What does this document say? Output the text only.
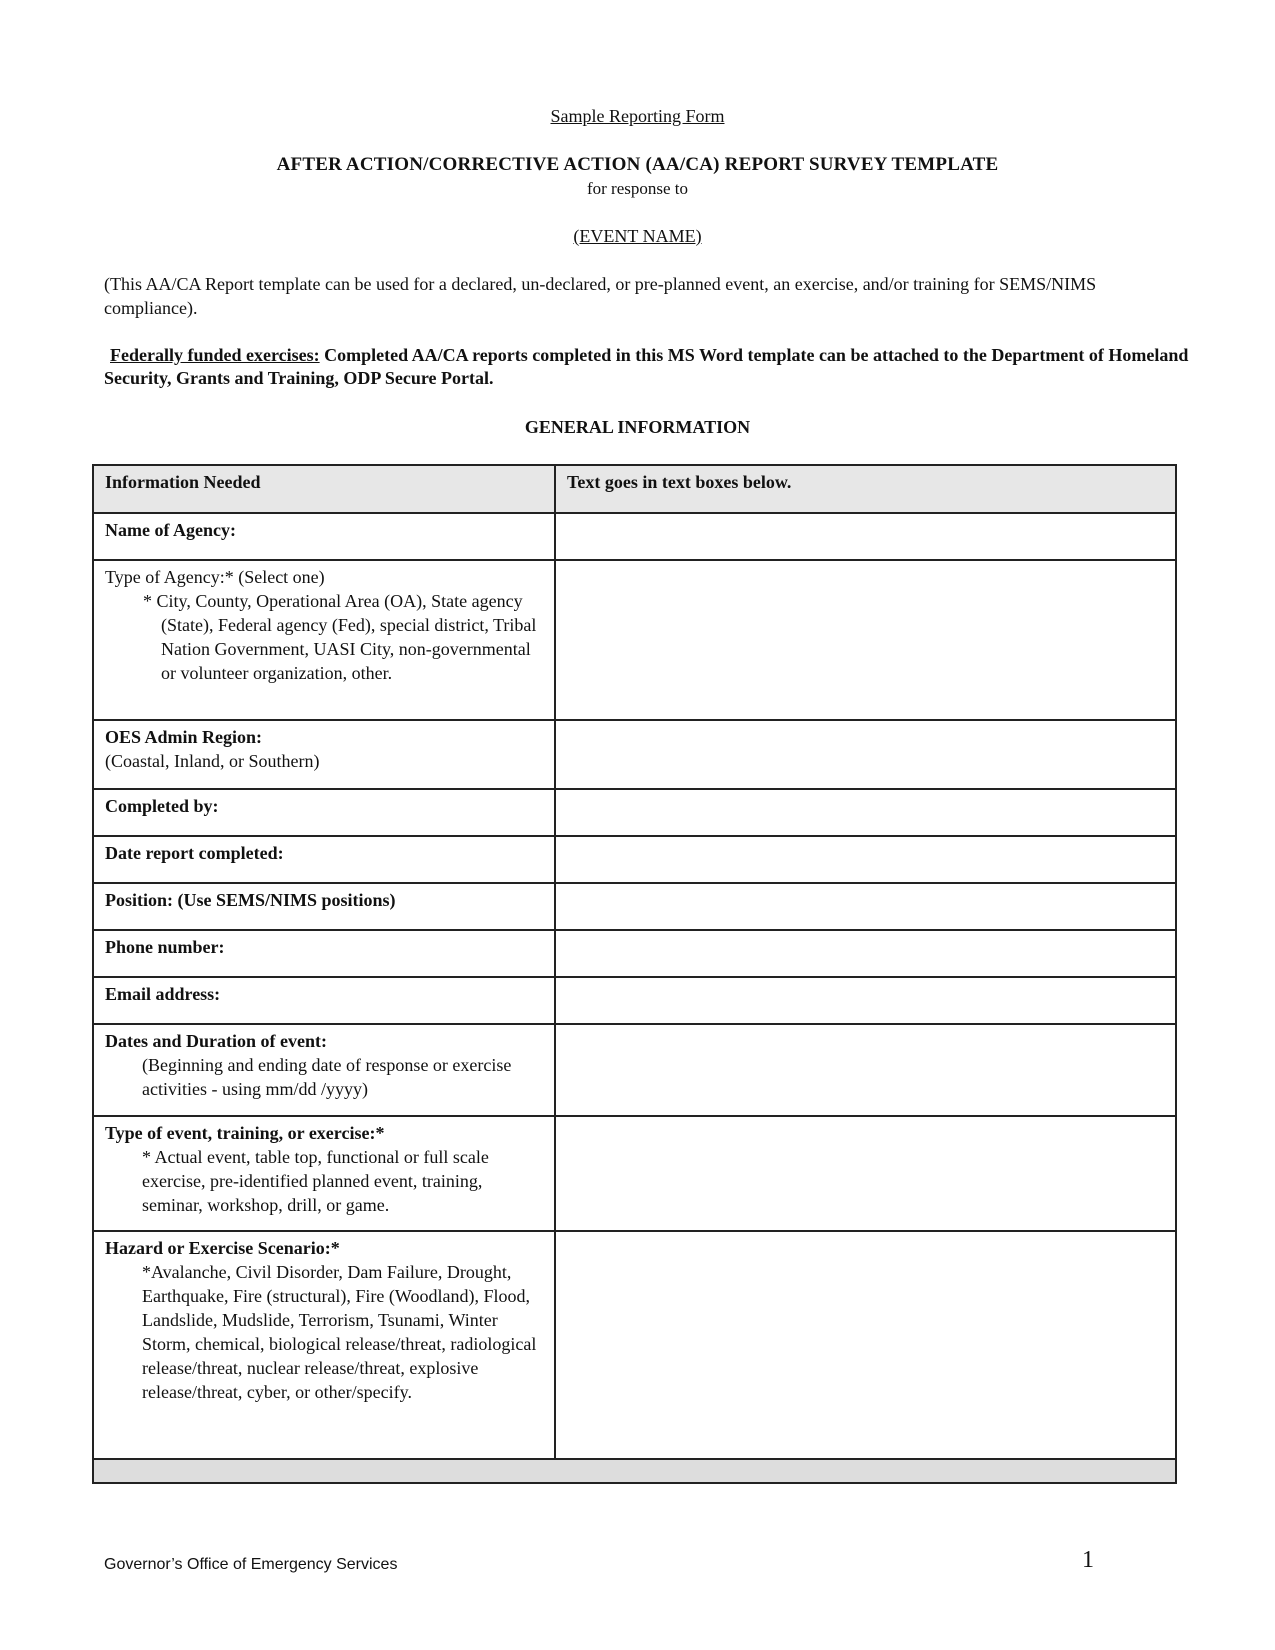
Sample Reporting Form
AFTER ACTION/CORRECTIVE ACTION (AA/CA) REPORT SURVEY TEMPLATE
for response to
(EVENT NAME)
(This AA/CA Report template can be used for a declared, un-declared, or pre-planned event, an exercise, and/or training for SEMS/NIMS compliance).
Federally funded exercises: Completed AA/CA reports completed in this MS Word template can be attached to the Department of Homeland Security, Grants and Training, ODP Secure Portal.
GENERAL INFORMATION
Information Needed	Text goes in text boxes below.
Name of Agency:	

Type of Agency:* (Select one)
* City, County, Operational Area (OA), State agency (State), Federal agency (Fed), special district, Tribal Nation Government, UASI City, non-governmental or volunteer organization, other.	

OES Admin Region:
(Coastal, Inland, or Southern)	

Completed by:	
Date report completed:	
Position: (Use SEMS/NIMS positions)	
Phone number:	
Email address:	

Dates and Duration of event:
(Beginning and ending date of response or exercise activities - using mm/dd /yyyy)	

Type of event, training, or exercise:*
* Actual event, table top, functional or full scale exercise, pre-identified planned event, training, seminar, workshop, drill, or game.	

Hazard or Exercise Scenario:*
*Avalanche, Civil Disorder, Dam Failure, Drought, Earthquake, Fire (structural), Fire (Woodland), Flood, Landslide, Mudslide, Terrorism, Tsunami, Winter Storm, chemical, biological release/threat, radiological release/threat, nuclear release/threat, explosive release/threat, cyber, or other/specify.	

Governor’s Office of Emergency Services	1
